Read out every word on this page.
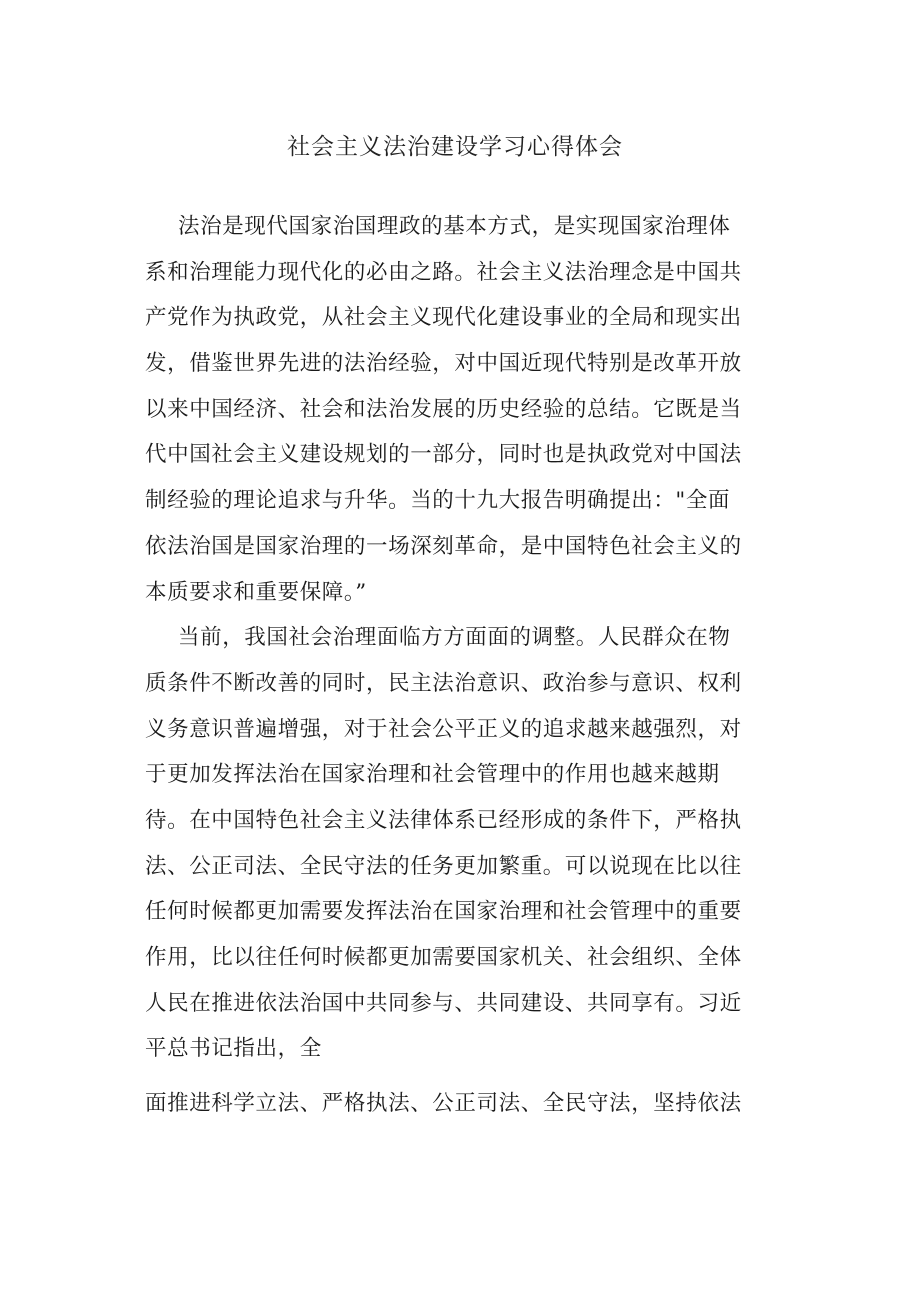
社会主义法治建设学习心得体会
法治是现代国家治国理政的基本方式，是实现国家治理体
系和治理能力现代化的必由之路。社会主义法治理念是中国共
产党作为执政党，从社会主义现代化建设事业的全局和现实出
发，借鉴世界先进的法治经验，对中国近现代特别是改革开放
以来中国经济、社会和法治发展的历史经验的总结。它既是当
代中国社会主义建设规划的一部分，同时也是执政党对中国法
制经验的理论追求与升华。当的十九大报告明确提出："全面
依法治国是国家治理的一场深刻革命，是中国特色社会主义的
本质要求和重要保障。”
当前，我国社会治理面临方方面面的调整。人民群众在物
质条件不断改善的同时，民主法治意识、政治参与意识、权利
义务意识普遍增强，对于社会公平正义的追求越来越强烈，对
于更加发挥法治在国家治理和社会管理中的作用也越来越期
待。在中国特色社会主义法律体系已经形成的条件下，严格执
法、公正司法、全民守法的任务更加繁重。可以说现在比以往
任何时候都更加需要发挥法治在国家治理和社会管理中的重要
作用，比以往任何时候都更加需要国家机关、社会组织、全体
人民在推进依法治国中共同参与、共同建设、共同享有。习近
平总书记指出，全
面推进科学立法、严格执法、公正司法、全民守法，坚持依法
